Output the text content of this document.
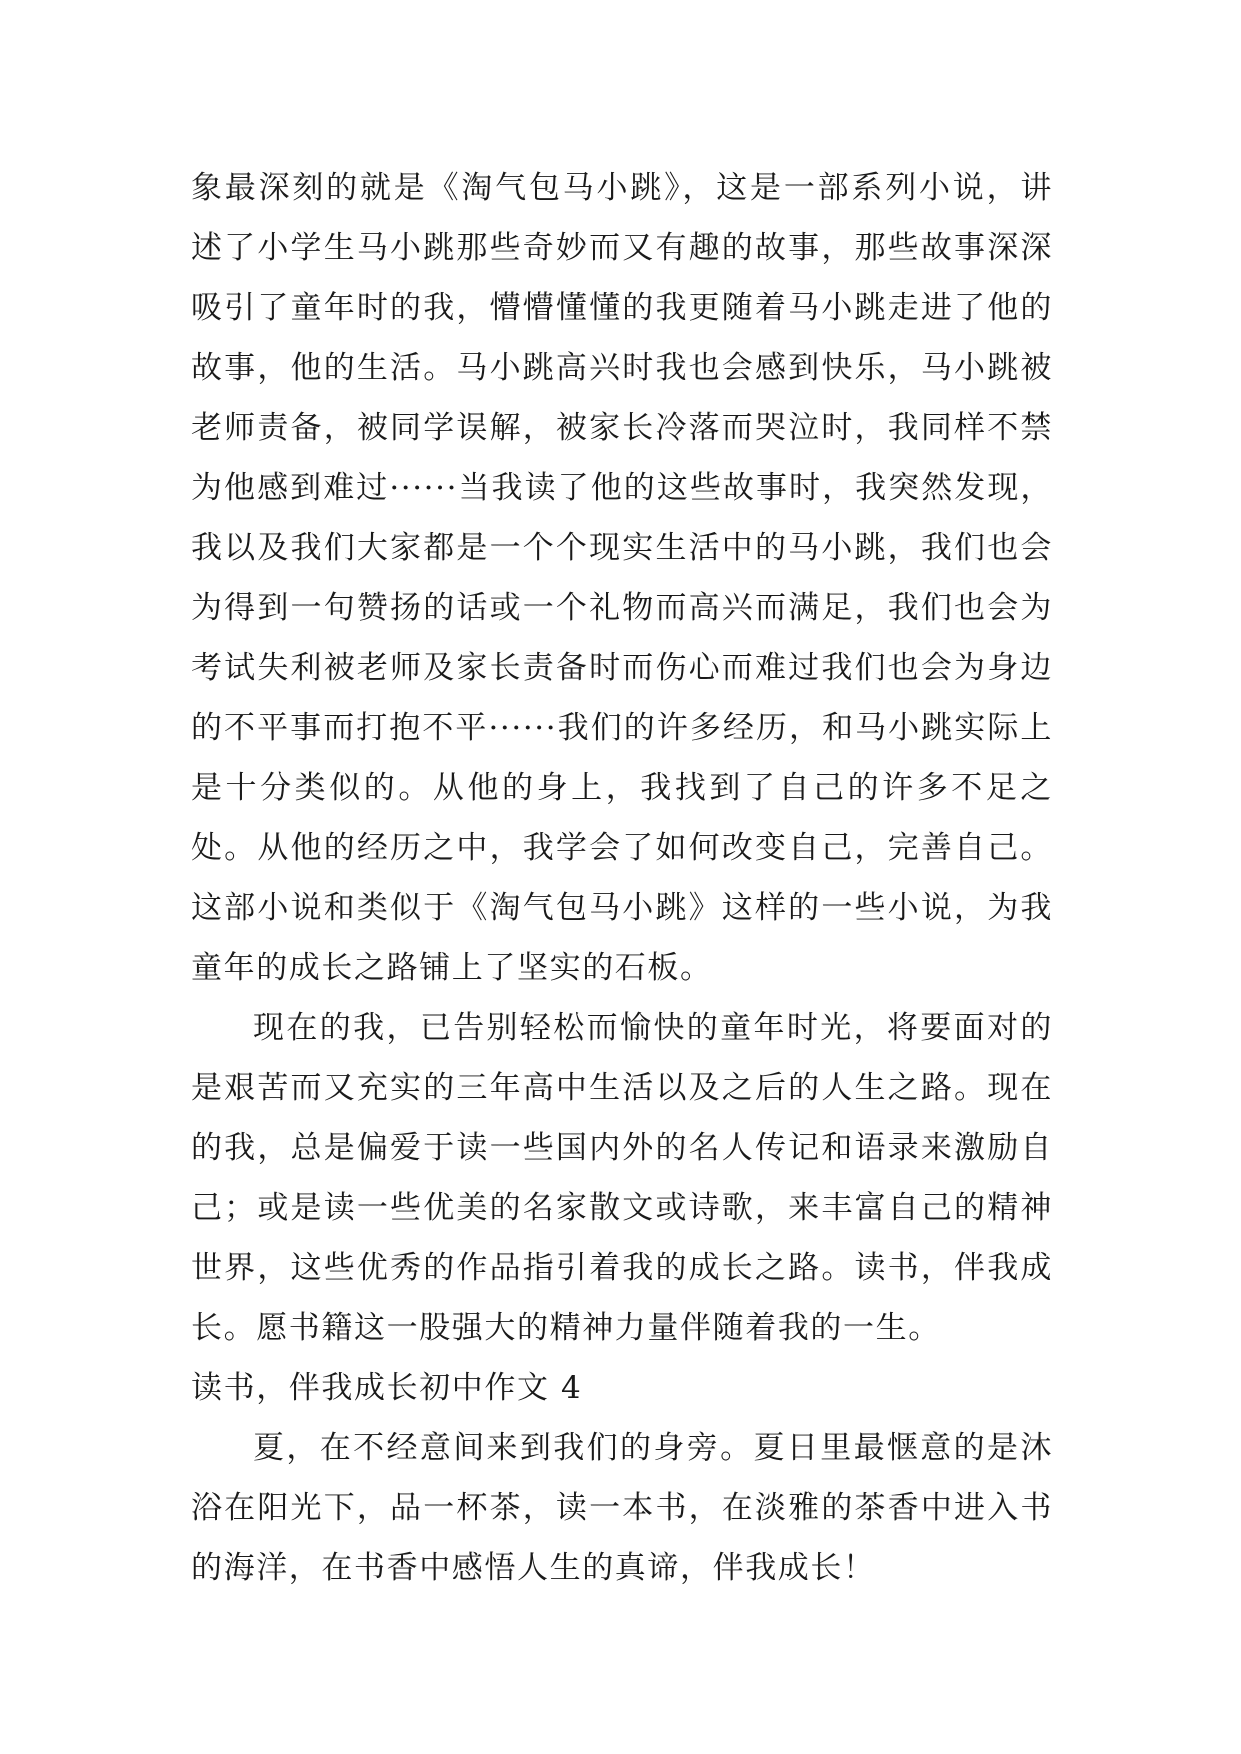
象最深刻的就是《淘气包马小跳》，这是一部系列小说，讲述了小学生马小跳那些奇妙而又有趣的故事，那些故事深深吸引了童年时的我，懵懵懂懂的我更随着马小跳走进了他的故事，他的生活。马小跳高兴时我也会感到快乐，马小跳被老师责备，被同学误解，被家长冷落而哭泣时，我同样不禁为他感到难过······当我读了他的这些故事时，我突然发现，我以及我们大家都是一个个现实生活中的马小跳，我们也会为得到一句赞扬的话或一个礼物而高兴而满足，我们也会为考试失利被老师及家长责备时而伤心而难过我们也会为身边的不平事而打抱不平······我们的许多经历，和马小跳实际上是十分类似的。从他的身上，我找到了自己的许多不足之处。从他的经历之中，我学会了如何改变自己，完善自己。这部小说和类似于《淘气包马小跳》这样的一些小说，为我童年的成长之路铺上了坚实的石板。

现在的我，已告别轻松而愉快的童年时光，将要面对的是艰苦而又充实的三年高中生活以及之后的人生之路。现在的我，总是偏爱于读一些国内外的名人传记和语录来激励自己；或是读一些优美的名家散文或诗歌，来丰富自己的精神世界，这些优秀的作品指引着我的成长之路。读书，伴我成长。愿书籍这一股强大的精神力量伴随着我的一生。

读书，伴我成长初中作文 4

夏，在不经意间来到我们的身旁。夏日里最惬意的是沐浴在阳光下，品一杯茶，读一本书，在淡雅的茶香中进入书的海洋，在书香中感悟人生的真谛，伴我成长！
